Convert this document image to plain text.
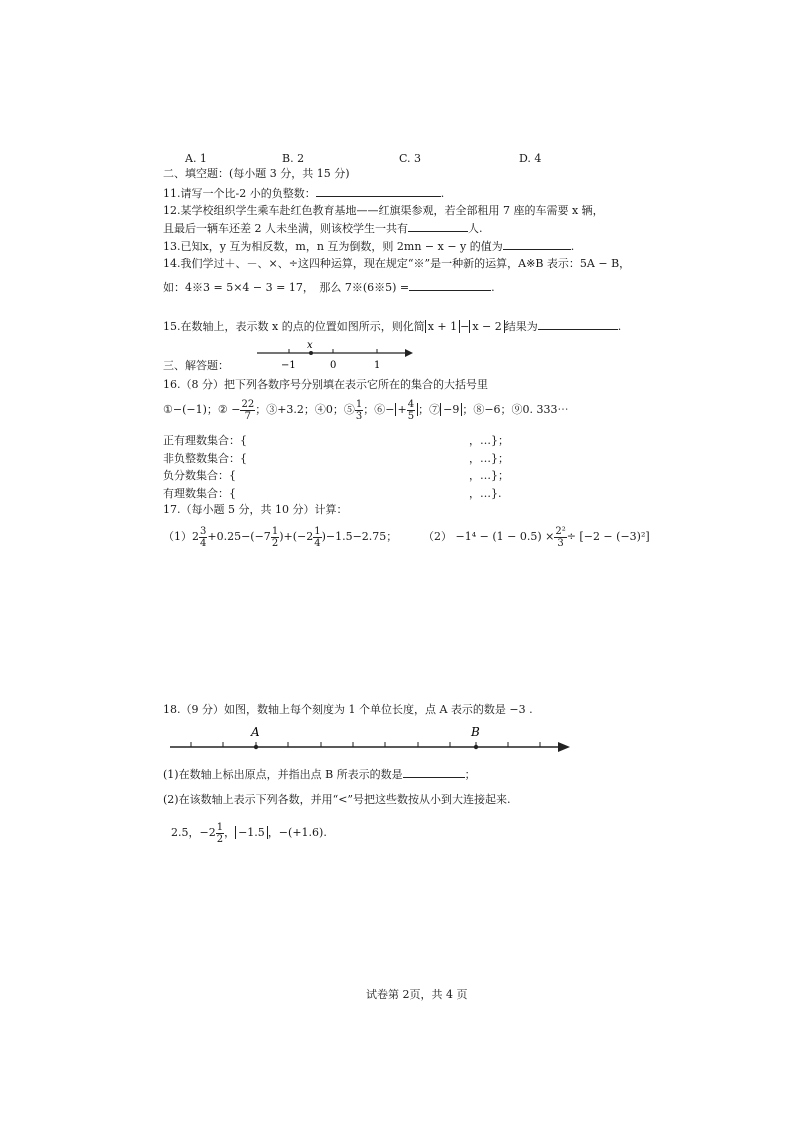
A. 1	B. 2	C. 3	D. 4
二、填空题：(每小题 3 分，共 15 分)
11.请写一个比-2 小的负整数：	.
12.某学校组织学生乘车赴红色教育基地——红旗渠参观，若全部租用 7 座的车需要 x 辆，
且最后一辆车还差 2 人未坐满，则该校学生一共有	人.
13.已知x，y 互为相反数，m，n 互为倒数，则 2mn − x − y 的值为	.
14.我们学过＋、－、×、÷这四种运算，现在规定“※”是一种新的运算，A※B 表示：5A − B，
如：4※3 = 5×4 − 3 = 17，　那么 7※(6※5) =	.
15.在数轴上，表示数 x 的点的位置如图所示，则化简 x + 1 − x − 2 结果为	.
x
−1	0	1
三、解答题：
16.（8 分）把下列各数序号分别填在表示它所在的集合的大括号里
①−(−1)；② − $\frac{22}{7}$ ；③+3.2；④0；⑤ $\frac{1}{3}$ ；⑥− + $\frac{4}{5}$ ；⑦ −9 ；⑧−6；⑨0. 333⋯
正有理数集合：{	，…}；
非负整数集合：{	，…}；
负分数集合：{	，…}；
有理数集合：{	，…}.
17.（每小题 5 分，共 10 分）计算：
$(1)2 \frac{3}{4} +0.25-(-7 \frac{1}{2} )+(-2 \frac{1}{4} )-1.5-2.75$； $(2) -1^4 - (1 - 0.5) \times \frac{\text{2²}}{3} \div [-2 - (-3)^2]$
18.（9 分）如图，数轴上每个刻度为 1 个单位长度，点 A 表示的数是 −3 .
A	B
(1)在数轴上标出原点，并指出点 B 所表示的数是	；
(2)在该数轴上表示下列各数，并用“<”号把这些数按从小到大连接起来.
2.5，$-2 \frac{1}{2}$ ， −1.5 ，−(+1.6).
试卷第 2页，共 4 页
